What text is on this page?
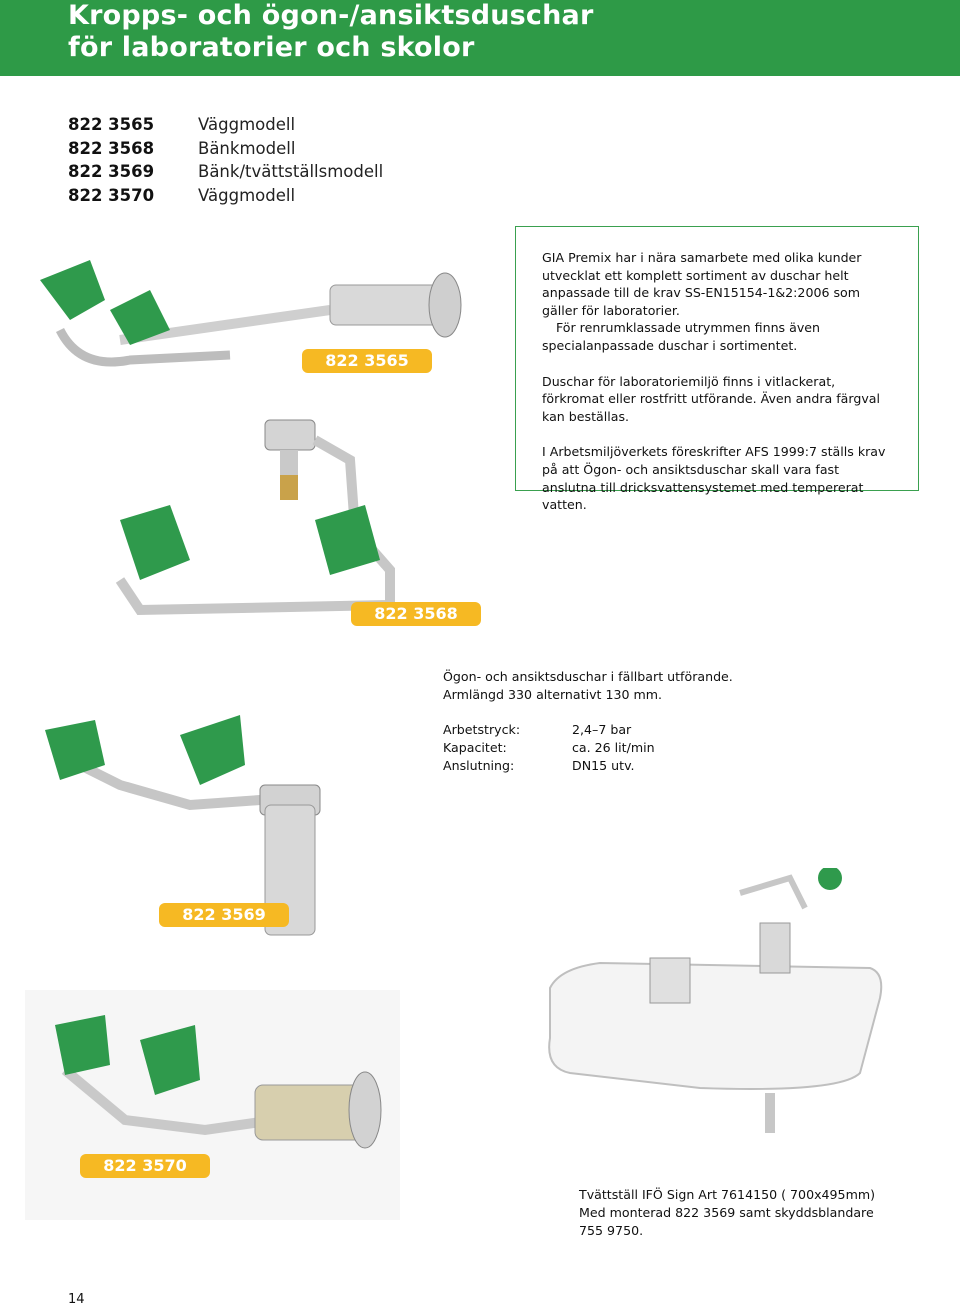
Kropps- och ögon-/ansiktsduschar
för laboratorier och skolor
822 3565	Väggmodell
822 3568	Bänkmodell
822 3569	Bänk/tvättställsmodell
822 3570	Väggmodell
822 3565

GIA Premix har i nära samarbete med olika kunder utvecklat ett komplett sortiment av duschar helt anpassade till de krav SS-EN15154-1&2:2006 som gäller för laboratorier.
För renrumklassade utrymmen finns även specialanpassade duschar i sortimentet.

Duschar för laboratoriemiljö finns i vitlackerat, förkromat eller rostfritt utförande. Även andra färgval kan beställas.

I Arbetsmiljöverkets föreskrifter AFS 1999:7 ställs krav på att Ögon- och ansiktsduschar skall vara fast anslutna till dricksvattensystemet med tempererat vatten.

822 3568
Ögon- och ansiktsduschar i fällbart utförande. Armlängd 330 alternativt 130 mm.
Arbetstryck:	2,4–7 bar
Kapacitet:	ca. 26 lit/min
Anslutning:	DN15 utv.
822 3569
822 3570
Tvättställ IFÖ Sign Art 7614150 ( 700x495mm) Med monterad 822 3569 samt skyddsblandare 755 9750.
14
